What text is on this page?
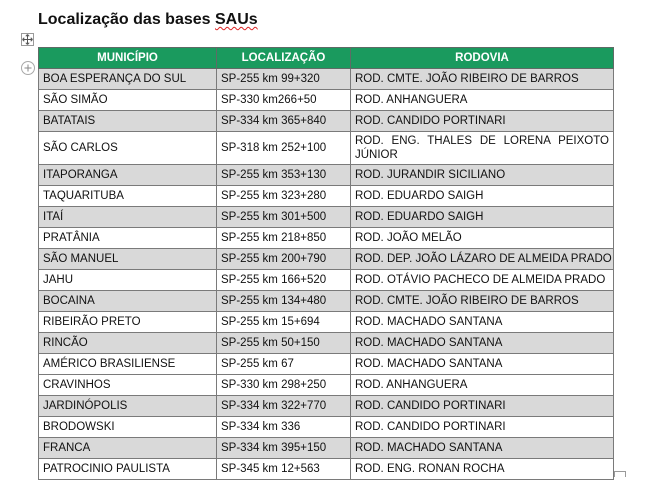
Localização das bases SAUs
MUNICÍPIO	LOCALIZAÇÃO	RODOVIA
BOA ESPERANÇA DO SUL	SP-255 km 99+320	ROD. CMTE. JOÃO RIBEIRO DE BARROS
SÃO SIMÃO	SP-330 km266+50	ROD. ANHANGUERA
BATATAIS	SP-334 km 365+840	ROD. CANDIDO PORTINARI
SÃO CARLOS	SP-318 km 252+100	ROD. ENG. THALES DE LORENA PEIXOTO JÚNIOR
ITAPORANGA	SP-255 km 353+130	ROD. JURANDIR SICILIANO
TAQUARITUBA	SP-255 km 323+280	ROD. EDUARDO SAIGH
ITAÍ	SP-255 km 301+500	ROD. EDUARDO SAIGH
PRATÂNIA	SP-255 km 218+850	ROD. JOÃO MELÃO
SÃO MANUEL	SP-255 km 200+790	ROD. DEP. JOÃO LÁZARO DE ALMEIDA PRADO
JAHU	SP-255 km 166+520	ROD. OTÁVIO PACHECO DE ALMEIDA PRADO
BOCAINA	SP-255 km 134+480	ROD. CMTE. JOÃO RIBEIRO DE BARROS
RIBEIRÃO PRETO	SP-255 km 15+694	ROD. MACHADO SANTANA
RINCÃO	SP-255 km 50+150	ROD. MACHADO SANTANA
AMÉRICO BRASILIENSE	SP-255 km 67	ROD. MACHADO SANTANA
CRAVINHOS	SP-330 km 298+250	ROD. ANHANGUERA
JARDINÓPOLIS	SP-334 km 322+770	ROD. CANDIDO PORTINARI
BRODOWSKI	SP-334 km 336	ROD. CANDIDO PORTINARI
FRANCA	SP-334 km 395+150	ROD. MACHADO SANTANA
PATROCINIO PAULISTA	SP-345 km 12+563	ROD. ENG. RONAN ROCHA
